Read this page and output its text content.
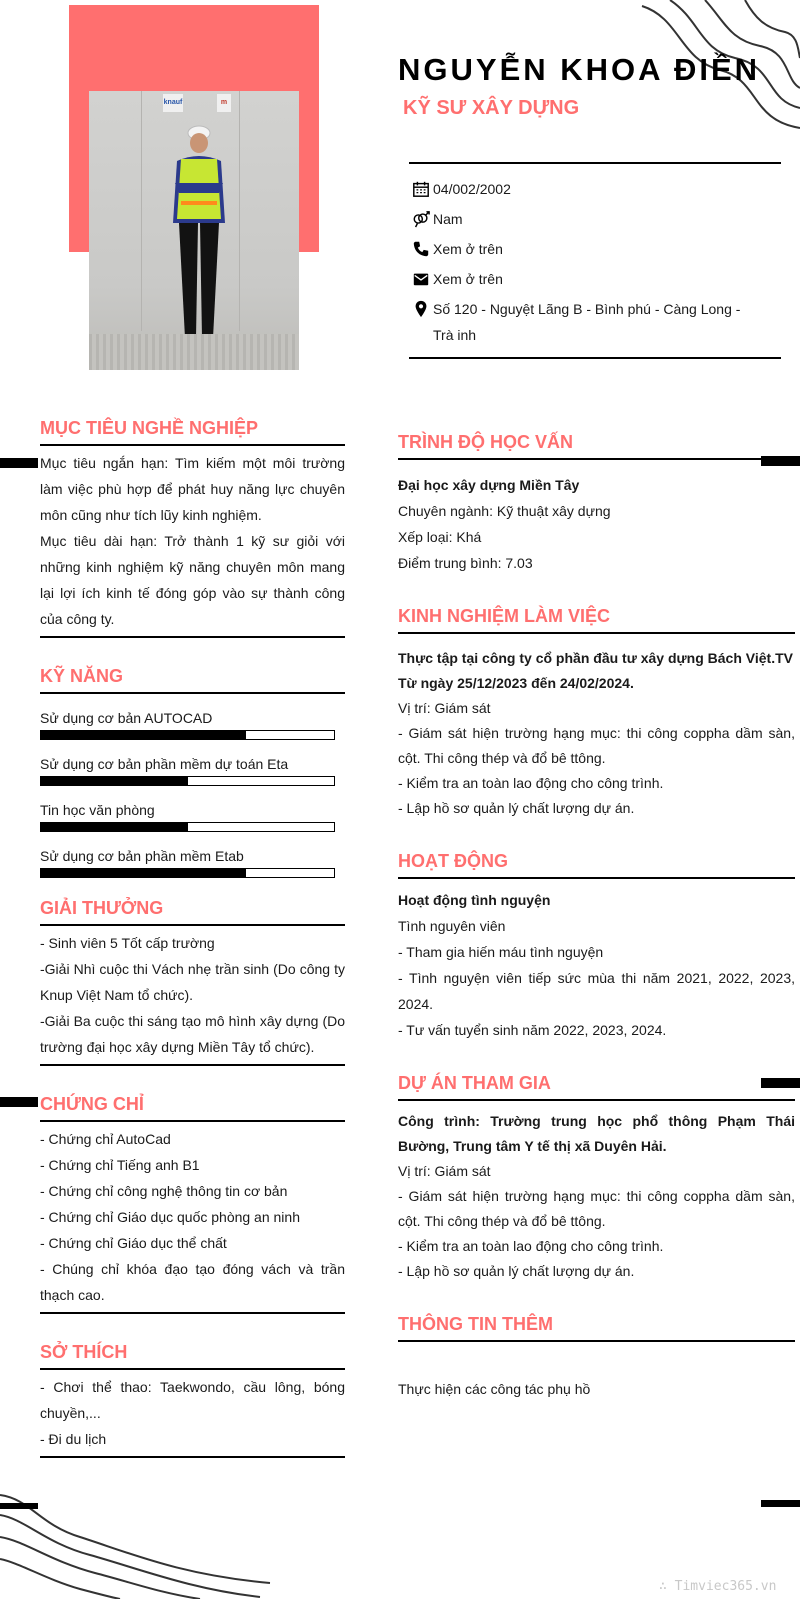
knauf	m
NGUYỄN KHOA ĐIỀN
KỸ SƯ XÂY DỰNG
04/002/2002
Nam
Xem ở trên
Xem ở trên
Số 120 - Nguyệt Lãng B - Bình phú - Càng Long - Trà inh
MỤC TIÊU NGHỀ NGHIỆP

Mục tiêu ngắn hạn: Tìm kiếm một môi trường làm việc phù hợp để phát huy năng lực chuyên môn cũng như tích lũy kinh nghiệm.

Mục tiêu dài hạn: Trở thành 1 kỹ sư giỏi với những kinh nghiệm kỹ năng chuyên môn mang lại lợi ích kinh tế đóng góp vào sự thành công của công ty.

KỸ NĂNG
Sử dụng cơ bản AUTOCAD
Sử dụng cơ bản phần mềm dự toán Eta
Tin học văn phòng
Sử dụng cơ bản phần mềm Etab
GIẢI THƯỞNG

- Sinh viên 5 Tốt cấp trường

-Giải Nhì cuộc thi Vách nhẹ trần sinh (Do công ty Knup Việt Nam tổ chức).

-Giải Ba cuộc thi sáng tạo mô hình xây dựng (Do trường đại học xây dựng Miền Tây tổ chức).

CHỨNG CHỈ

- Chứng chỉ AutoCad

- Chứng chỉ Tiếng anh B1

- Chứng chỉ công nghệ thông tin cơ bản

- Chứng chỉ Giáo dục quốc phòng an ninh

- Chứng chỉ Giáo dục thể chất

- Chúng chỉ khóa đạo tạo đóng vách và trần thạch cao.

SỞ THÍCH

- Chơi thể thao: Taekwondo, cầu lông, bóng chuyền,...

- Đi du lịch

TRÌNH ĐỘ HỌC VẤN

Đại học xây dựng Miền Tây

Chuyên ngành: Kỹ thuật xây dựng

Xếp loại: Khá

Điểm trung bình: 7.03

KINH NGHIỆM LÀM VIỆC

Thực tập tại công ty cổ phần đầu tư xây dựng Bách Việt.TV

Từ ngày 25/12/2023 đến 24/02/2024.

Vị trí: Giám sát

- Giám sát hiện trường hạng mục: thi công coppha dầm sàn, cột. Thi công thép và đổ bê ttông.

- Kiểm tra an toàn lao động cho công trình.

- Lập hồ sơ quản lý chất lượng dự án.

HOẠT ĐỘNG

Hoạt động tình nguyện

Tình nguyên viên

- Tham gia hiến máu tình nguyện

- Tình nguyện viên tiếp sức mùa thi năm 2021, 2022, 2023, 2024.

- Tư vấn tuyển sinh năm 2022, 2023, 2024.

DỰ ÁN THAM GIA

Công trình: Trường trung học phổ thông Phạm Thái Bường, Trung tâm Y tế thị xã Duyên Hải.

Vị trí: Giám sát

- Giám sát hiện trường hạng mục: thi công coppha dầm sàn, cột. Thi công thép và đổ bê ttông.

- Kiểm tra an toàn lao động cho công trình.

- Lập hồ sơ quản lý chất lượng dự án.

THÔNG TIN THÊM

Thực hiện các công tác phụ hồ

∴ Timviec365.vn
